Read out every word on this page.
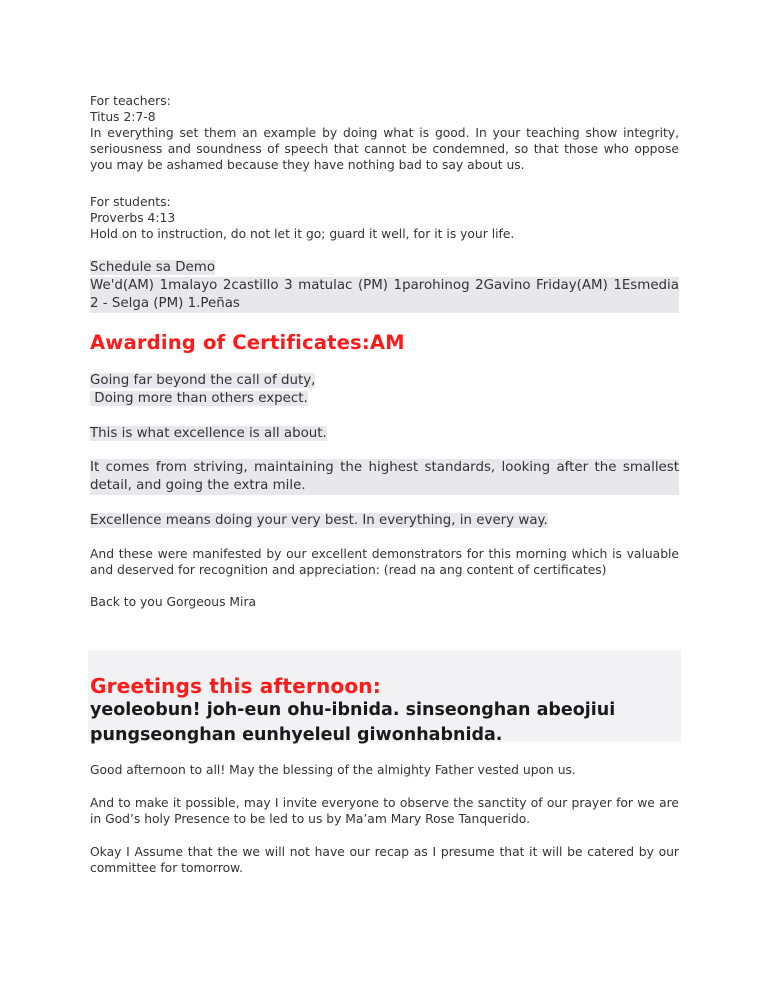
For teachers:

Titus 2:7-8

In everything set them an example by doing what is good. In your teaching show integrity, seriousness and soundness of speech that cannot be condemned, so that those who oppose you may be ashamed because they have nothing bad to say about us.

For students:

Proverbs 4:13

Hold on to instruction, do not let it go; guard it well, for it is your life.

Schedule sa Demo

We'd(AM) 1malayo 2castillo 3 matulac (PM) 1parohinog 2Gavino Friday(AM) 1Esmedia 2 - Selga (PM) 1.Peñas

Awarding of Certificates:AM

Going far beyond the call of duty,

Doing more than others expect.

This is what excellence is all about.

It comes from striving, maintaining the highest standards, looking after the smallest detail, and going the extra mile.

Excellence means doing your very best. In everything, in every way.

And these were manifested by our excellent demonstrators for this morning which is valuable and deserved for recognition and appreciation: (read na ang content of certificates)

Back to you Gorgeous Mira

Greetings this afternoon:

yeoleobun! joh-eun ohu-ibnida. sinseonghan abeojiui pungseonghan eunhyeleul giwonhabnida.

Good afternoon to all! May the blessing of the almighty Father vested upon us.

And to make it possible, may I invite everyone to observe the sanctity of our prayer for we are in God’s holy Presence to be led to us by Ma’am Mary Rose Tanquerido.

Okay I Assume that the we will not have our recap as I presume that it will be catered by our committee for tomorrow.
